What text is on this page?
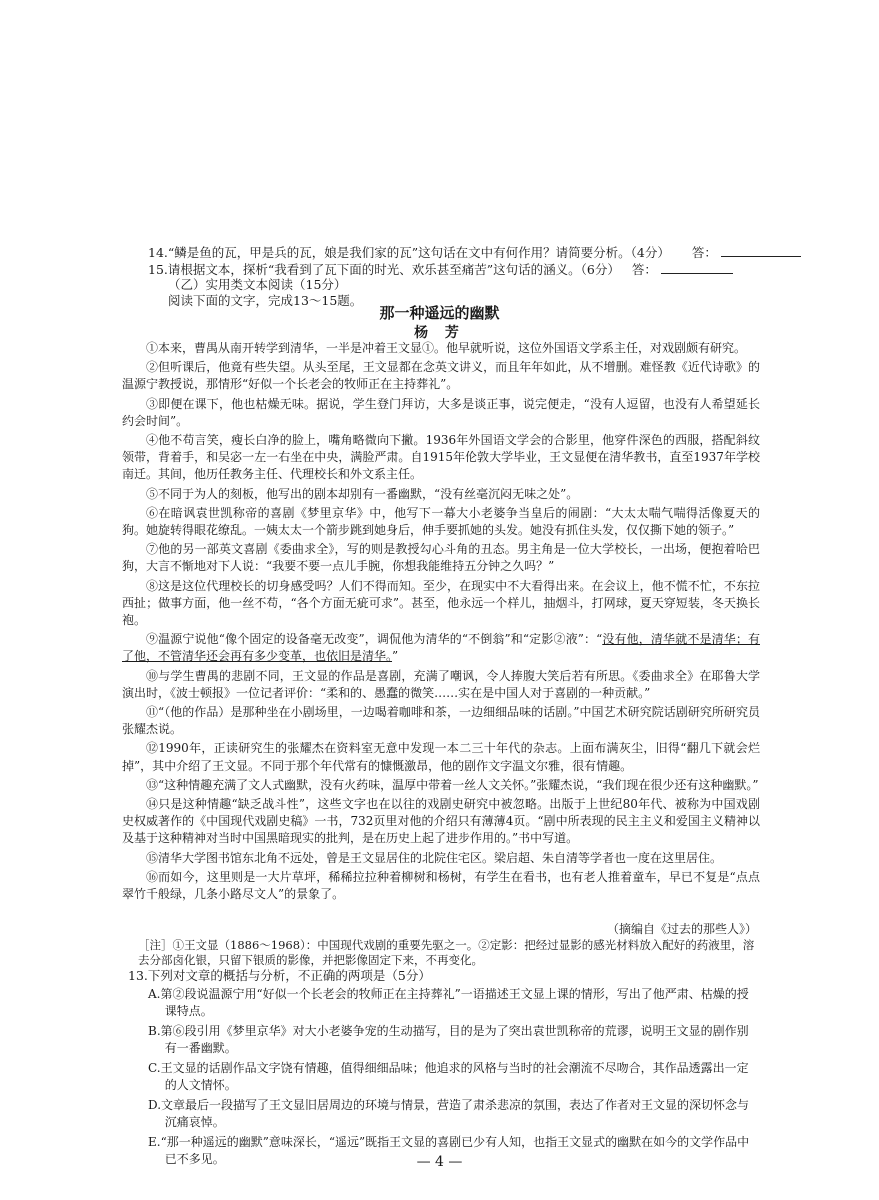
14.“鳞是鱼的瓦，甲是兵的瓦，娘是我们家的瓦”这句话在文中有何作用？请简要分析。（4分） 答：
15.请根据文本，探析“我看到了瓦下面的时光、欢乐甚至痛苦”这句话的涵义。（6分） 答：
（乙）实用类文本阅读（15分）
阅读下面的文字，完成13～15题。
那一种遥远的幽默
杨 芳

①本来，曹禺从南开转学到清华，一半是冲着王文显①。他早就听说，这位外国语文学系主任，对戏剧颇有研究。

②但听课后，他竟有些失望。从头至尾，王文显都在念英文讲义，而且年年如此，从不增删。难怪教《近代诗歌》的温源宁教授说，那情形“好似一个长老会的牧师正在主持葬礼”。

③即便在课下，他也枯燥无味。据说，学生登门拜访，大多是谈正事，说完便走，“没有人逗留，也没有人希望延长约会时间”。

④他不苟言笑，瘦长白净的脸上，嘴角略微向下撇。1936年外国语文学会的合影里，他穿件深色的西服，搭配斜纹领带，背着手，和吴宓一左一右坐在中央，满脸严肃。自1915年伦敦大学毕业，王文显便在清华教书，直至1937年学校南迁。其间，他历任教务主任、代理校长和外文系主任。

⑤不同于为人的刻板，他写出的剧本却别有一番幽默，“没有丝毫沉闷无味之处”。

⑥在暗讽袁世凯称帝的喜剧《梦里京华》中，他写下一幕大小老婆争当皇后的闹剧：“大太太喘气喘得活像夏天的狗。她旋转得眼花缭乱。一姨太太一个箭步跳到她身后，伸手要抓她的头发。她没有抓住头发，仅仅撕下她的领子。”

⑦他的另一部英文喜剧《委曲求全》，写的则是教授勾心斗角的丑态。男主角是一位大学校长，一出场，便抱着哈巴狗，大言不惭地对下人说：“我要不要一点儿手腕，你想我能维持五分钟之久吗？”

⑧这是这位代理校长的切身感受吗？人们不得而知。至少，在现实中不大看得出来。在会议上，他不慌不忙，不东拉西扯；做事方面，他一丝不苟，“各个方面无疵可求”。甚至，他永远一个样儿，抽烟斗，打网球，夏天穿短装，冬天换长袍。

⑨温源宁说他“像个固定的设备毫无改变”，调侃他为清华的“不倒翁”和“定影②液”：“没有他，清华就不是清华；有了他，不管清华还会再有多少变革，也依旧是清华。”

⑩与学生曹禺的悲剧不同，王文显的作品是喜剧，充满了嘲讽，令人捧腹大笑后若有所思。《委曲求全》在耶鲁大学演出时，《波士顿报》一位记者评价：“柔和的、愚蠢的微笑……实在是中国人对于喜剧的一种贡献。”

⑪“（他的作品）是那种坐在小剧场里，一边喝着咖啡和茶，一边细细品味的话剧。”中国艺术研究院话剧研究所研究员张耀杰说。

⑫1990年，正读研究生的张耀杰在资料室无意中发现一本二三十年代的杂志。上面布满灰尘，旧得“翻几下就会烂掉”，其中介绍了王文显。不同于那个年代常有的慷慨激昂，他的剧作文字温文尔雅，很有情趣。

⑬“这种情趣充满了文人式幽默，没有火药味，温厚中带着一丝人文关怀。”张耀杰说，“我们现在很少还有这种幽默。”

⑭只是这种情趣“缺乏战斗性”，这些文字也在以往的戏剧史研究中被忽略。出版于上世纪80年代、被称为中国戏剧史权威著作的《中国现代戏剧史稿》一书，732页里对他的介绍只有薄薄4页。“剧中所表现的民主主义和爱国主义精神以及基于这种精神对当时中国黑暗现实的批判，是在历史上起了进步作用的。”书中写道。

⑮清华大学图书馆东北角不远处，曾是王文显居住的北院住宅区。梁启超、朱自清等学者也一度在这里居住。

⑯而如今，这里则是一大片草坪，稀稀拉拉种着柳树和杨树，有学生在看书，也有老人推着童车，早已不复是“点点翠竹千般绿，几条小路尽文人”的景象了。

（摘编自《过去的那些人》）
［注］①王文显（1886～1968）：中国现代戏剧的重要先驱之一。②定影：把经过显影的感光材料放入配好的药液里，溶去分部卤化银，只留下银质的影像，并把影像固定下来，不再变化。
13.下列对文章的概括与分析，不正确的两项是（5分）
A.第②段说温源宁用“好似一个长老会的牧师正在主持葬礼”一语描述王文显上课的情形，写出了他严肃、枯燥的授课特点。
B.第⑥段引用《梦里京华》对大小老婆争宠的生动描写，目的是为了突出袁世凯称帝的荒谬，说明王文显的剧作别有一番幽默。
C.王文显的话剧作品文字饶有情趣，值得细细品味；他追求的风格与当时的社会潮流不尽吻合，其作品透露出一定的人文情怀。
D.文章最后一段描写了王文显旧居周边的环境与情景，营造了肃杀悲凉的氛围，表达了作者对王文显的深切怀念与沉痛哀悼。
E.“那一种遥远的幽默”意味深长，“遥远”既指王文显的喜剧已少有人知，也指王文显式的幽默在如今的文学作品中已不多见。	— 4 —
